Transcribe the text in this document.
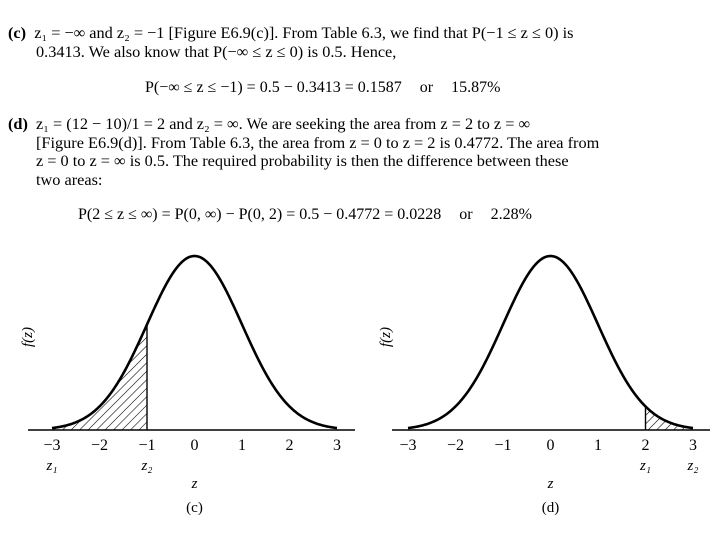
(c) z₁ = −∞ and z₂ = −1 [Figure E6.9(c)]. From Table 6.3, we find that P(−1 ≤ z ≤ 0) is
0.3413. We also know that P(−∞ ≤ z ≤ 0) is 0.5. Hence,
P(−∞ ≤ z ≤ −1) = 0.5 − 0.3413 = 0.1587 or 15.87%
(d) z₁ = (12 − 10)/1 = 2 and z₂ = ∞. We are seeking the area from z = 2 to z = ∞
[Figure E6.9(d)]. From Table 6.3, the area from z = 0 to z = 2 is 0.4772. The area from
z = 0 to z = ∞ is 0.5. The required probability is then the difference between these
two areas:
P(2 ≤ z ≤ ∞) = P(0, ∞) − P(0, 2) = 0.5 − 0.4772 = 0.0228 or 2.28%
−3 −2 −1 0 1 2 3
z₁	z₂
z
(c)
f(z)
−3 −2 −1 0 1 2 3
z₁ z₂
z
(d)
f(z)
